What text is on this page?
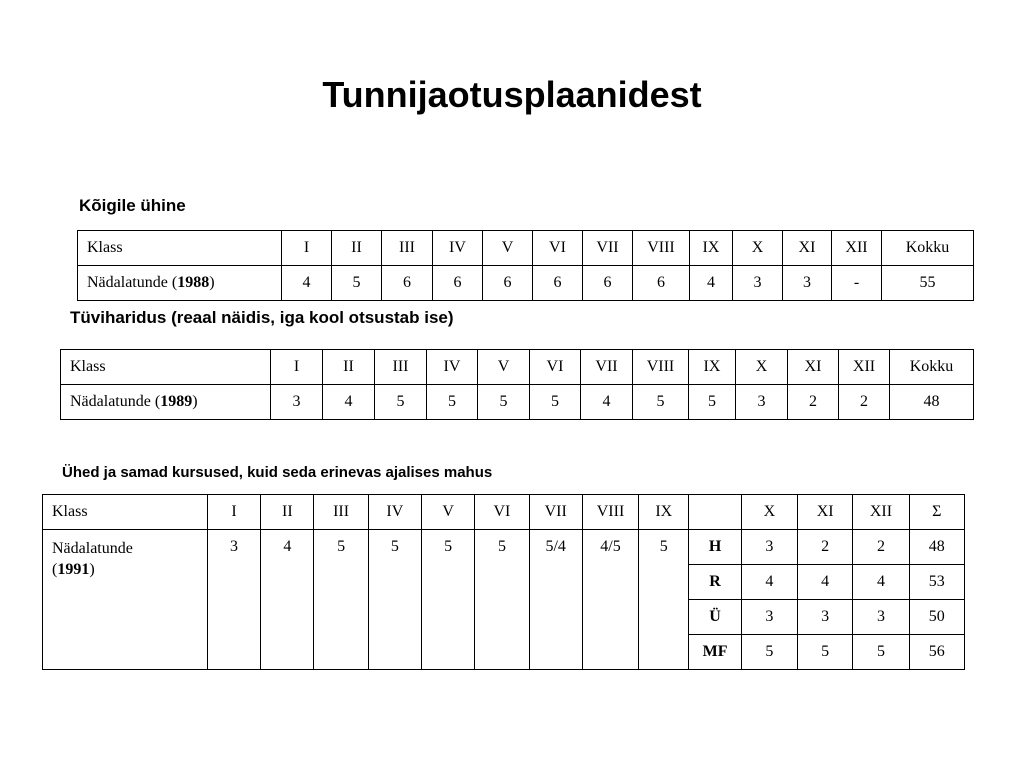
Tunnijaotusplaanidest
Kõigile ühine
Klass	I	II	III	IV	V	VI	VII	VIII	IX	X	XI	XII	Kokku
Nädalatunde (1988)	4	5	6	6	6	6	6	6	4	3	3	-	55
Tüviharidus (reaal näidis, iga kool otsustab ise)
Klass	I	II	III	IV	V	VI	VII	VIII	IX	X	XI	XII	Kokku
Nädalatunde (1989)	3	4	5	5	5	5	4	5	5	3	2	2	48
Ühed ja samad kursused, kuid seda erinevas ajalises mahus
Klass	I	II	III	IV	V	VI	VII	VIII	IX		X	XI	XII	Σ
Nädalatunde
(1991)	3	4	5	5	5	5	5/4	4/5	5	H	3	2	2	48
										R	4	4	4	53
										Ü	3	3	3	50
										MF	5	5	5	56
